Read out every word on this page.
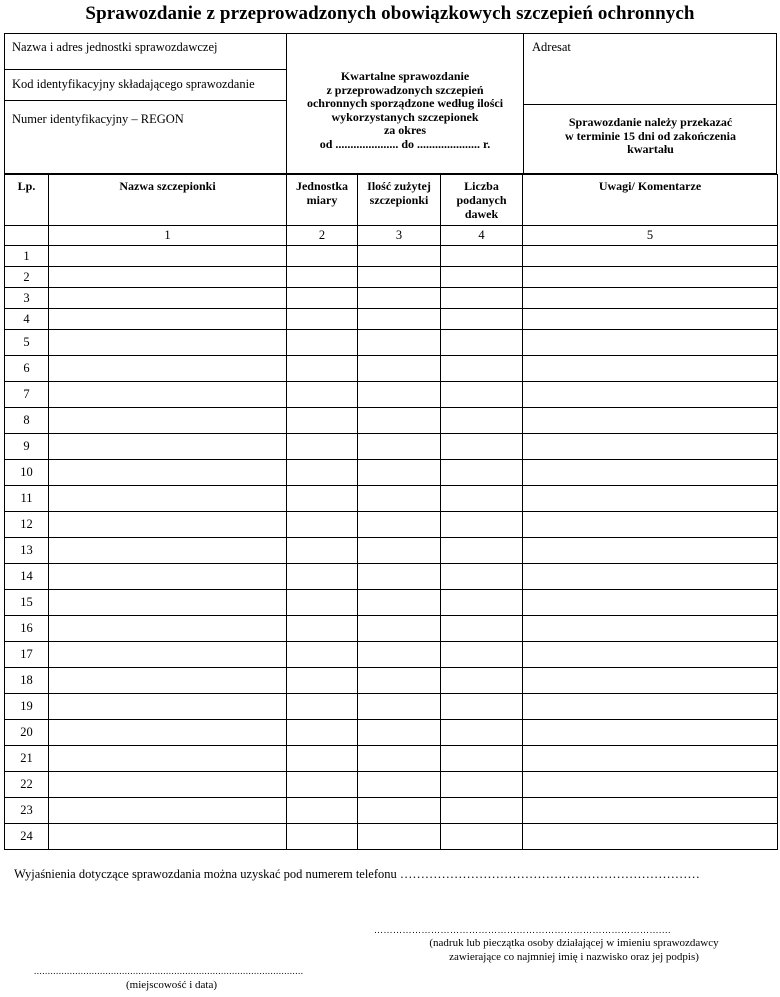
Sprawozdanie z przeprowadzonych obowiązkowych szczepień ochronnych
Nazwa i adres jednostki sprawozdawczej
Kod identyfikacyjny składającego sprawozdanie
Numer identyfikacyjny – REGON
Kwartalne sprawozdanie
z przeprowadzonych szczepień
ochronnych sporządzone według ilości
wykorzystanych szczepionek
za okres
od ..................... do ..................... r.
Adresat
Sprawozdanie należy przekazać
w terminie 15 dni od zakończenia
kwartału
Lp.	Nazwa szczepionki	Jednostka miary	Ilość zużytej szczepionki	Liczba podanych dawek	Uwagi/ Komentarze
	1	2	3	4	5
1					
2					
3					
4					
5					
6					
7					
8					
9					
10					
11					
12					
13					
14					
15					
16					
17					
18					
19					
20					
21					
22					
23					
24					
Wyjaśnienia dotyczące sprawozdania można uzyskać pod numerem telefonu ………………………………………………………………
……………………………………………………………………………….…
(nadruk lub pieczątka osoby działającej w imieniu sprawozdawcy
zawierające co najmniej imię i nazwisko oraz jej podpis)
..................................................................................................
(miejscowość i data)
